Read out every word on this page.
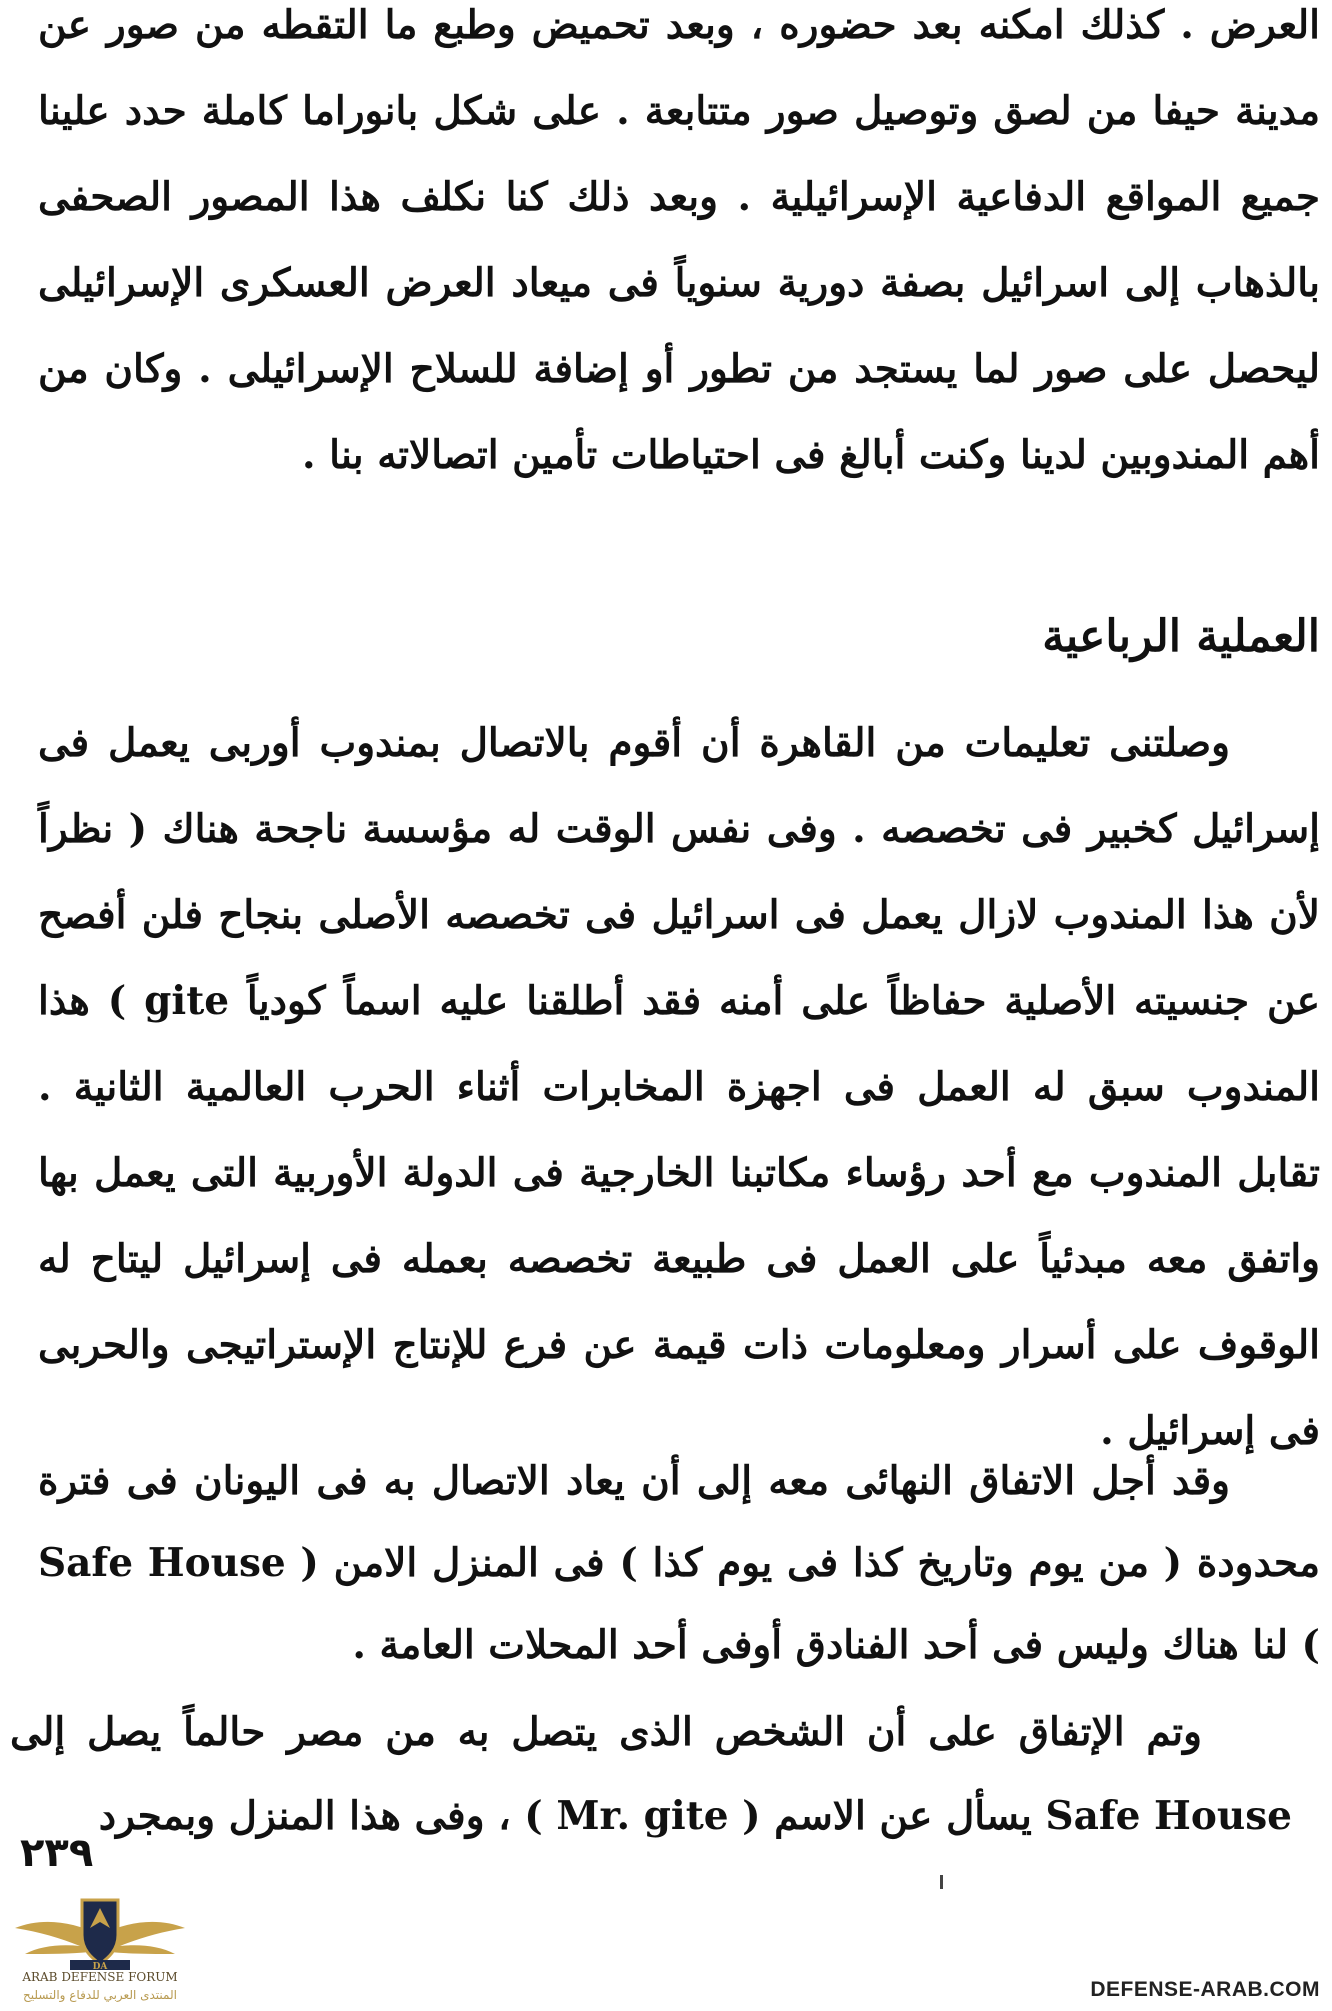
العرض . كذلك امكنه بعد حضوره ، وبعد تحميض وطبع ما التقطه من صور عن مدينة حيفا من لصق وتوصيل صور متتابعة . على شكل بانوراما كاملة حدد علينا جميع المواقع الدفاعية الإسرائيلية . وبعد ذلك كنا نكلف هذا المصور الصحفى بالذهاب إلى اسرائيل بصفة دورية سنوياً فى ميعاد العرض العسكرى الإسرائيلى ليحصل على صور لما يستجد من تطور أو إضافة للسلاح الإسرائيلى . وكان من أهم المندوبين لدينا وكنت أبالغ فى احتياطات تأمين اتصالاته بنا .

العملية الرباعية

وصلتنى تعليمات من القاهرة أن أقوم بالاتصال بمندوب أوربى يعمل فى إسرائيل كخبير فى تخصصه . وفى نفس الوقت له مؤسسة ناجحة هناك ( نظراً لأن هذا المندوب لازال يعمل فى اسرائيل فى تخصصه الأصلى بنجاح فلن أفصح عن جنسيته الأصلية حفاظاً على أمنه فقد أطلقنا عليه اسماً كودياً gite ) هذا المندوب سبق له العمل فى اجهزة المخابرات أثناء الحرب العالمية الثانية . تقابل المندوب مع أحد رؤساء مكاتبنا الخارجية فى الدولة الأوربية التى يعمل بها واتفق معه مبدئياً على العمل فى طبيعة تخصصه بعمله فى إسرائيل ليتاح له الوقوف على أسرار ومعلومات ذات قيمة عن فرع للإنتاج الإستراتيجى والحربى فى إسرائيل .

وقد أجل الاتفاق النهائى معه إلى أن يعاد الاتصال به فى اليونان فى فترة محدودة ( من يوم وتاريخ كذا فى يوم كذا ) فى المنزل الامن ( Safe House ) لنا هناك وليس فى أحد الفنادق أوفى أحد المحلات العامة .

وتم الإتفاق على أن الشخص الذى يتصل به من مصر حالماً يصل إلى Safe House يسأل عن الاسم ( Mr. gite ) ، وفى هذا المنزل وبمجرد

٢٣٩
DA
ARAB DEFENSE FORUM
المنتدى العربي للدفاع والتسليح	DEFENSE-ARAB.COM
